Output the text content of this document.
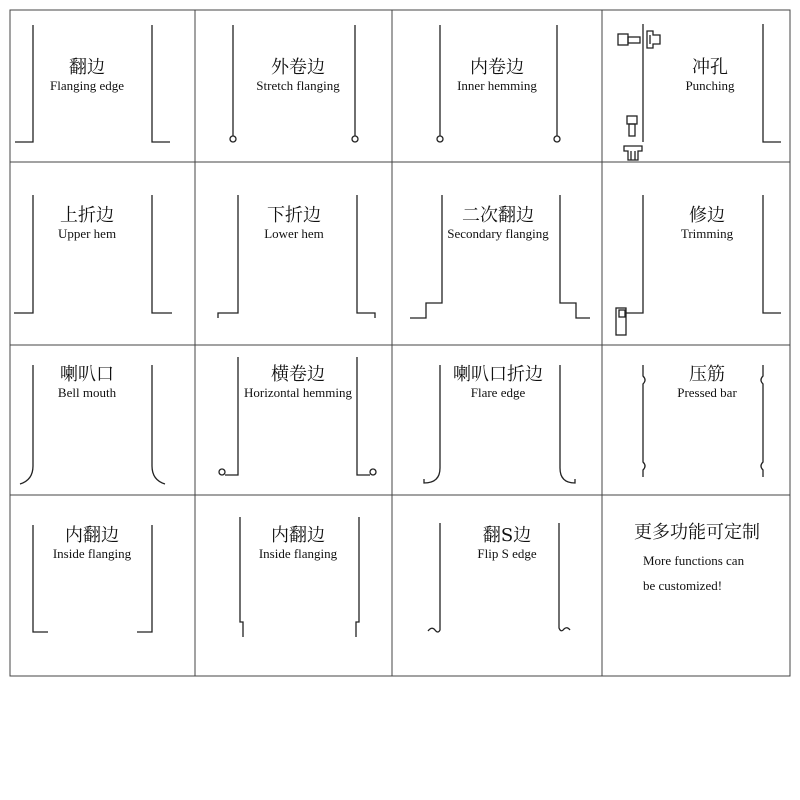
翻边
Flanging edge
外卷边
Stretch flanging
内卷边
Inner hemming
冲孔
Punching
上折边
Upper hem
下折边
Lower hem
二次翻边
Secondary flanging
修边
Trimming
喇叭口
Bell mouth
横卷边
Horizontal hemming
喇叭口折边
Flare edge
压筋
Pressed bar
内翻边
Inside flanging
内翻边
Inside flanging
翻S边
Flip S edge
更多功能可定制
More functions can
be customized!
